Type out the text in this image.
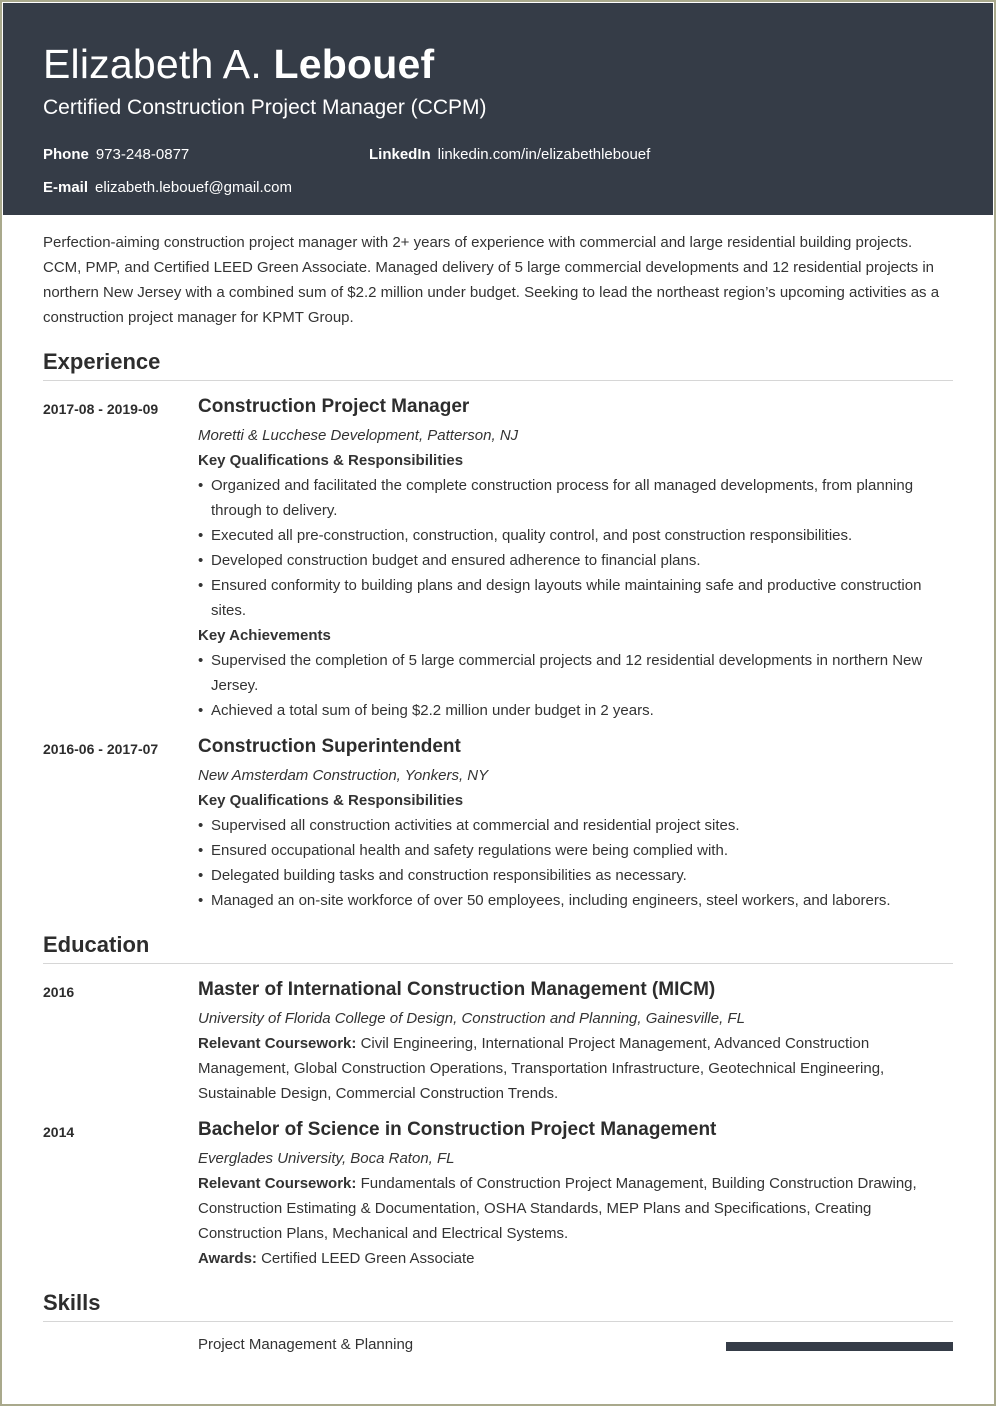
Elizabeth A. Lebouef
Certified Construction Project Manager (CCPM)
Phone 973-248-0877	LinkedIn linkedin.com/in/elizabethlebouef
E-mail elizabeth.lebouef@gmail.com
Perfection-aiming construction project manager with 2+ years of experience with commercial and large residential building projects. CCM, PMP, and Certified LEED Green Associate. Managed delivery of 5 large commercial developments and 12 residential projects in northern New Jersey with a combined sum of $2.2 million under budget. Seeking to lead the northeast region’s upcoming activities as a construction project manager for KPMT Group.
Experience
2017-08 - 2019-09 Construction Project Manager
Moretti & Lucchese Development, Patterson, NJ
Key Qualifications & Responsibilities
• Organized and facilitated the complete construction process for all managed developments, from planning through to delivery.
• Executed all pre-construction, construction, quality control, and post construction responsibilities.
• Developed construction budget and ensured adherence to financial plans.
• Ensured conformity to building plans and design layouts while maintaining safe and productive construction sites.
Key Achievements
• Supervised the completion of 5 large commercial projects and 12 residential developments in northern New Jersey.
• Achieved a total sum of being $2.2 million under budget in 2 years.
2016-06 - 2017-07 Construction Superintendent
New Amsterdam Construction, Yonkers, NY
Key Qualifications & Responsibilities
• Supervised all construction activities at commercial and residential project sites.
• Ensured occupational health and safety regulations were being complied with.
• Delegated building tasks and construction responsibilities as necessary.
• Managed an on-site workforce of over 50 employees, including engineers, steel workers, and laborers.
Education
2016	Master of International Construction Management (MICM)
University of Florida College of Design, Construction and Planning, Gainesville, FL
Relevant Coursework: Civil Engineering, International Project Management, Advanced Construction Management, Global Construction Operations, Transportation Infrastructure, Geotechnical Engineering, Sustainable Design, Commercial Construction Trends.
2014	Bachelor of Science in Construction Project Management
Everglades University, Boca Raton, FL
Relevant Coursework: Fundamentals of Construction Project Management, Building Construction Drawing, Construction Estimating & Documentation, OSHA Standards, MEP Plans and Specifications, Creating Construction Plans, Mechanical and Electrical Systems.
Awards: Certified LEED Green Associate
Skills
Project Management & Planning
